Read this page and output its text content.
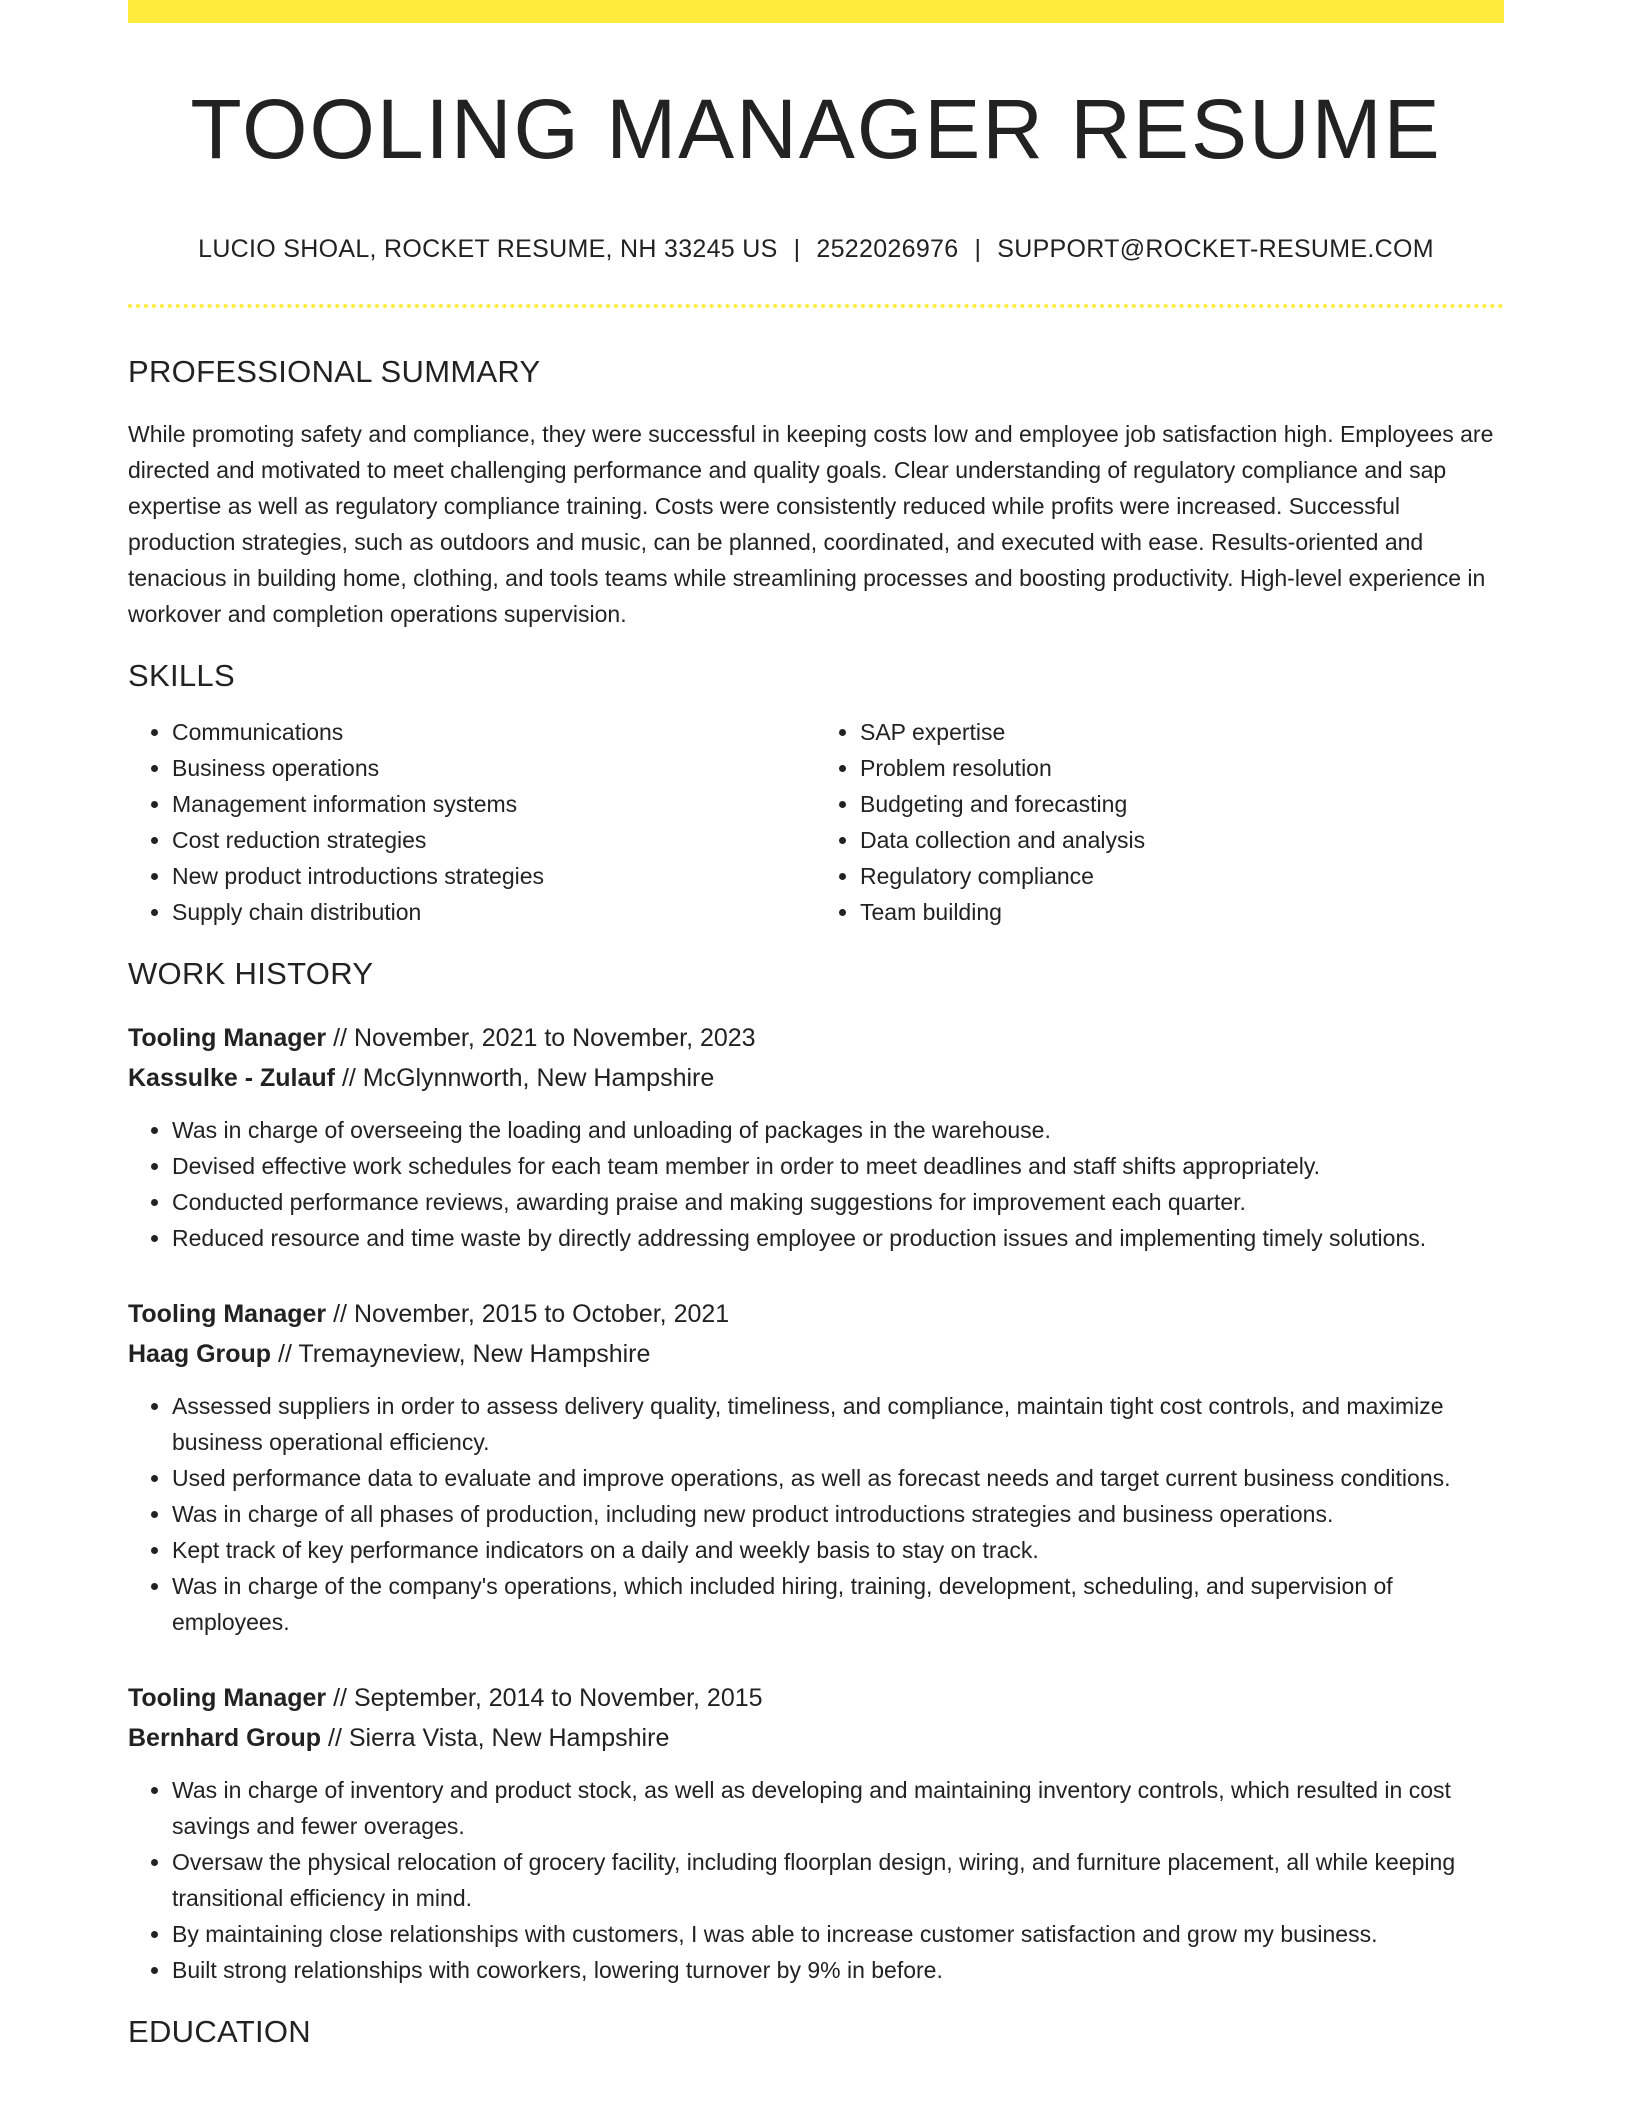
TOOLING MANAGER RESUME
LUCIO SHOAL, ROCKET RESUME, NH 33245 US | 2522026976 | SUPPORT@ROCKET-RESUME.COM
PROFESSIONAL SUMMARY

While promoting safety and compliance, they were successful in keeping costs low and employee job satisfaction high. Employees are directed and motivated to meet challenging performance and quality goals. Clear understanding of regulatory compliance and sap expertise as well as regulatory compliance training. Costs were consistently reduced while profits were increased. Successful production strategies, such as outdoors and music, can be planned, coordinated, and executed with ease. Results-oriented and tenacious in building home, clothing, and tools teams while streamlining processes and boosting productivity. High-level experience in workover and completion operations supervision.

SKILLS
• Communications
• Business operations
• Management information systems
• Cost reduction strategies
• New product introductions strategies
• Supply chain distribution
• SAP expertise
• Problem resolution
• Budgeting and forecasting
• Data collection and analysis
• Regulatory compliance
• Team building
WORK HISTORY
Tooling Manager // November, 2021 to November, 2023
Kassulke - Zulauf // McGlynnworth, New Hampshire
• Was in charge of overseeing the loading and unloading of packages in the warehouse.
• Devised effective work schedules for each team member in order to meet deadlines and staff shifts appropriately.
• Conducted performance reviews, awarding praise and making suggestions for improvement each quarter.
• Reduced resource and time waste by directly addressing employee or production issues and implementing timely solutions.
Tooling Manager // November, 2015 to October, 2021
Haag Group // Tremayneview, New Hampshire
• Assessed suppliers in order to assess delivery quality, timeliness, and compliance, maintain tight cost controls, and maximize business operational efficiency.
• Used performance data to evaluate and improve operations, as well as forecast needs and target current business conditions.
• Was in charge of all phases of production, including new product introductions strategies and business operations.
• Kept track of key performance indicators on a daily and weekly basis to stay on track.
• Was in charge of the company's operations, which included hiring, training, development, scheduling, and supervision of employees.
Tooling Manager // September, 2014 to November, 2015
Bernhard Group // Sierra Vista, New Hampshire
• Was in charge of inventory and product stock, as well as developing and maintaining inventory controls, which resulted in cost savings and fewer overages.
• Oversaw the physical relocation of grocery facility, including floorplan design, wiring, and furniture placement, all while keeping transitional efficiency in mind.
• By maintaining close relationships with customers, I was able to increase customer satisfaction and grow my business.
• Built strong relationships with coworkers, lowering turnover by 9% in before.
EDUCATION
